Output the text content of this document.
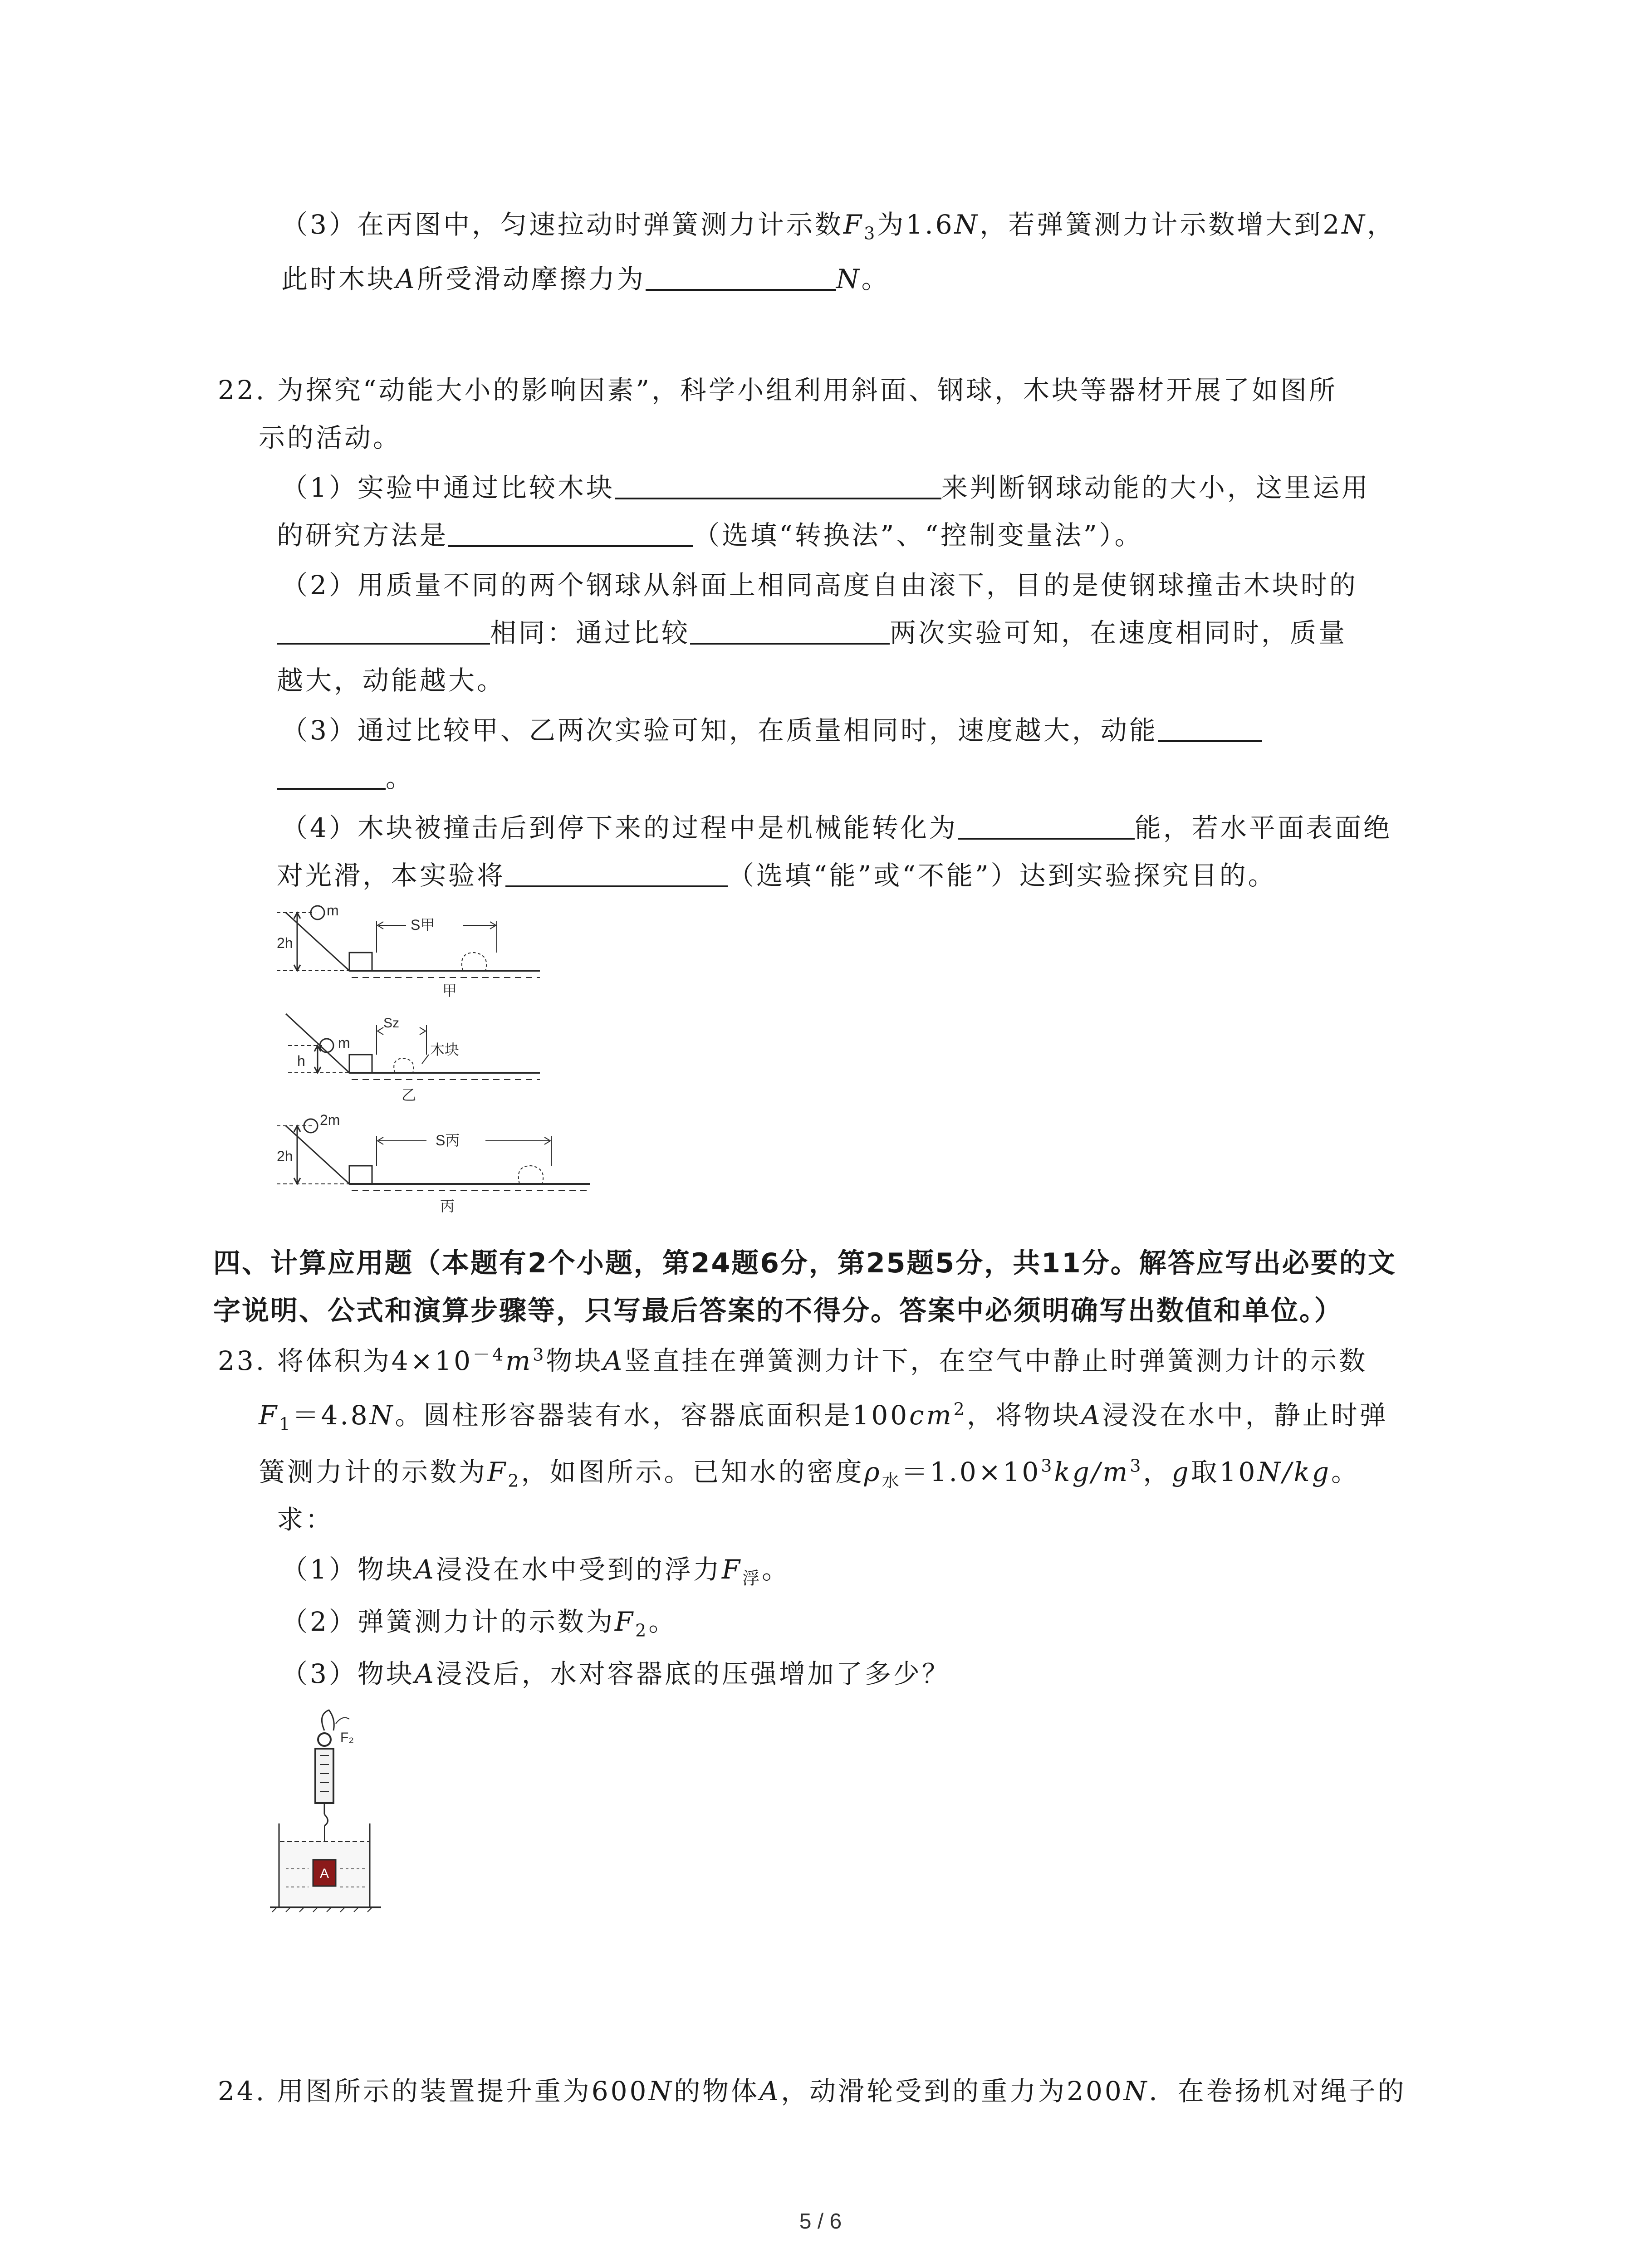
（3）在丙图中，匀速拉动时弹簧测力计示数$F_3$为1.6N，若弹簧测力计示数增大到2N，
此时木块A所受滑动摩擦力为	N。
22. 为探究“动能大小的影响因素”，科学小组利用斜面、钢球，木块等器材开展了如图所
示的活动。
（1）实验中通过比较木块	来判断钢球动能的大小，这里运用
的研究方法是	（选填“转换法”、“控制变量法”）。
（2）用质量不同的两个钢球从斜面上相同高度自由滚下，目的是使钢球撞击木块时的
相同：通过比较	两次实验可知，在速度相同时，质量
越大，动能越大。
（3）通过比较甲、乙两次实验可知，在质量相同时，速度越大，动能
。
（4）木块被撞击后到停下来的过程中是机械能转化为	能，若水平面表面绝
对光滑，本实验将	（选填“能”或“不能”）达到实验探究目的。
m
2h
S甲
甲
m
h
Sz
木块
乙
2m
2h
S丙
丙
四、计算应用题（本题有2个小题，第24题6分，第25题5分，共11分。解答应写出必要的文
字说明、公式和演算步骤等，只写最后答案的不得分。答案中必须明确写出数值和单位。）
23. 将体积为$4\times 10^{-4}m^3$物块A竖直挂在弹簧测力计下，在空气中静止时弹簧测力计的示数
$F_1=4.8N$。圆柱形容器装有水，容器底面积是$100cm^2$，将物块A浸没在水中，静止时弹
簧测力计的示数为$F_2$，如图所示。已知水的密度$\rho_水=1.0\times 10^3kg/m^3$，g取10N/kg。
求：
（1）物块A浸没在水中受到的浮力$F_浮$。
（2）弹簧测力计的示数为$F_2$。
（3）物块A浸没后，水对容器底的压强增加了多少？
F₂
A
24. 用图所示的装置提升重为600N的物体A，动滑轮受到的重力为200N．在卷扬机对绳子的
5 / 6
